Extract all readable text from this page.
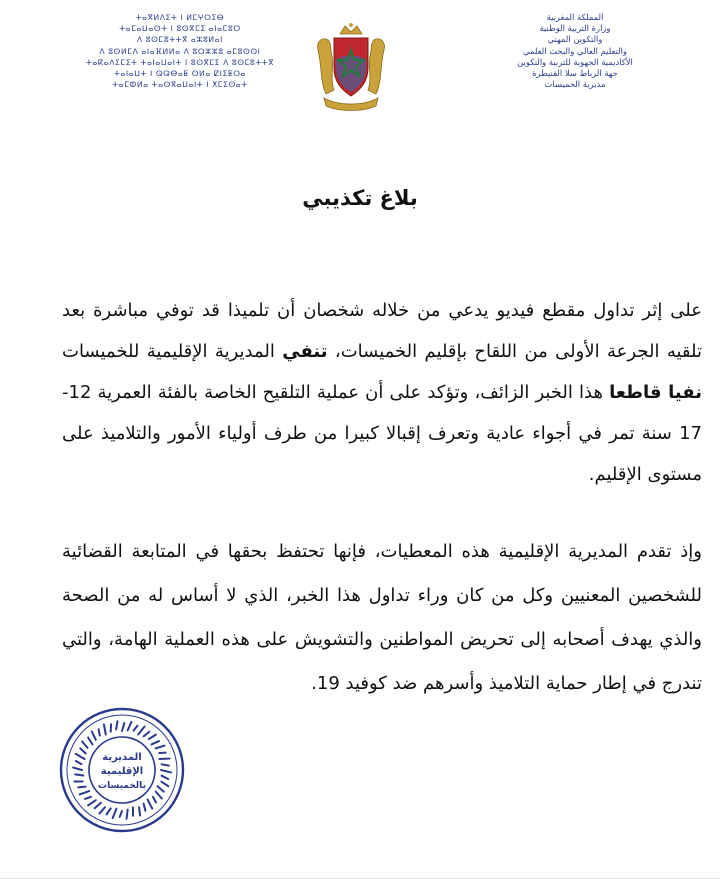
ⵜⴰⴳⵍⴷⵉⵜ ⵏ ⵍⵎⵖⵔⵉⴱ
ⵜⴰⵎⴰⵡⴰⵙⵜ ⵏ ⵓⵙⴳⵎⵉ ⴰⵏⴰⵎⵓⵔ
ⴷ ⵓⵙⵎⵓⵜⵜⴳ ⴰⵣⵓⵍⴰⵏ
ⴷ ⵓⵙⵍⵎⴷ ⴰⵏⴰⴼⵍⵍⴰ ⴷ ⵓⵔⵣⵣⵓ ⴰⵎⵓⵙⵙⵏ
ⵜⴰⴽⴰⴷⵉⵎⵉⵜ ⵜⴰⵏⴰⵡⴰⵏⵜ ⵏ ⵓⵙⴳⵎⵉ ⴷ ⵓⵙⵎⵓⵜⵜⴳ
ⵜⴰⵏⴰⵡⵜ ⵏ ⵕⵕⴱⴰⵟ ⵙⵍⴰ ⵇⵏⵉⵟⵔⴰ
ⵜⴰⵎⵀⵍⴰ ⵜⴰⵙⴳⴰⵡⴰⵏⵜ ⵏ ⵅⵎⵉⵙⴰⵜ
المملكة المغربية
وزارة التربية الوطنية
والتكوين المهني
والتعليم العالي والبحث العلمي
الأكاديمية الجهوية للتربية والتكوين
جهة الرباط سلا القنيطرة
مديرية الخميسات
بلاغ تكذيبي
على إثر تداول مقطع فيديو يدعي من خلاله شخصان أن تلميذا قد توفي مباشرة بعد تلقيه الجرعة الأولى من اللقاح بإقليم الخميسات، تنفي المديرية الإقليمية للخميسات نفيا قاطعا هذا الخبر الزائف، وتؤكد على أن عملية التلقيح الخاصة بالفئة العمرية 12-17 سنة تمر في أجواء عادية وتعرف إقبالا كبيرا من طرف أولياء الأمور والتلاميذ على مستوى الإقليم.
وإذ تقدم المديرية الإقليمية هذه المعطيات، فإنها تحتفظ بحقها في المتابعة القضائية للشخصين المعنيين وكل من كان وراء تداول هذا الخبر، الذي لا أساس له من الصحة والذي يهدف أصحابه إلى تحريض المواطنين والتشويش على هذه العملية الهامة، والتي تندرج في إطار حماية التلاميذ وأسرهم ضد كوفيد 19.
المديرية
الإقليمية
بالخميسات
